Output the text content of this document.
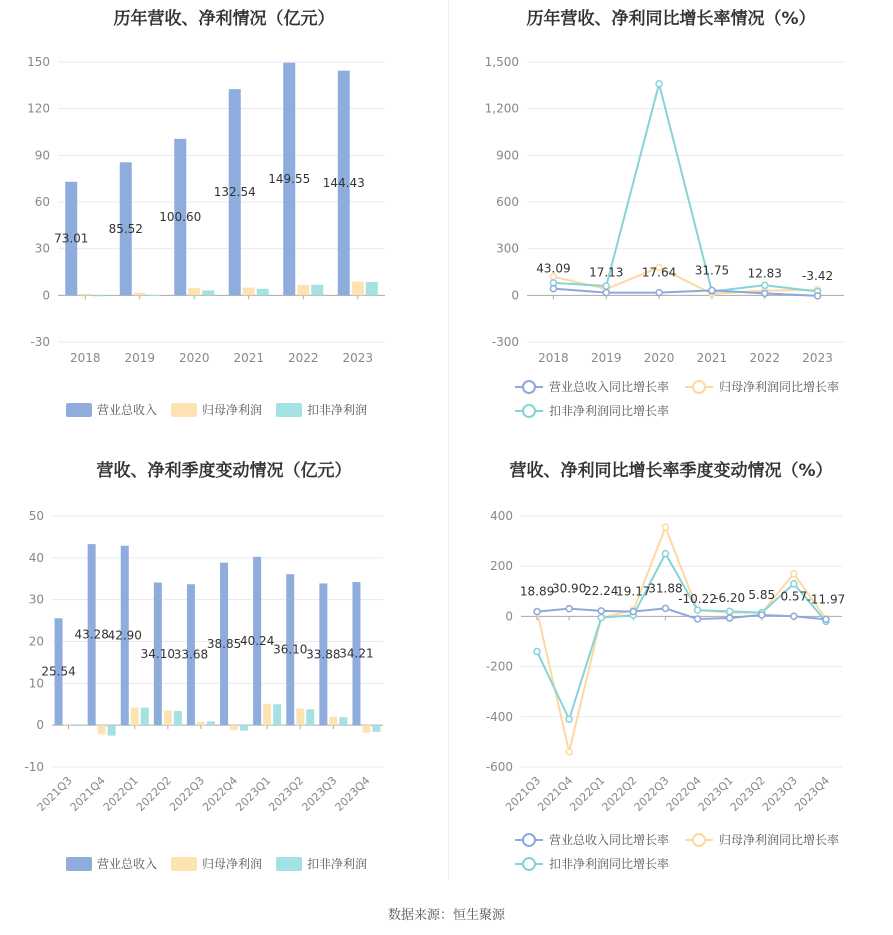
历年营收、净利情况（亿元）
150
120
90
60
30
0
-30
2018 2019 2020 2021 2022 2023
73.01
85.52
100.60
132.54
149.55 144.43
营业总收入	归母净利润	扣非净利润
历年营收、净利同比增长率情况（%）
1,500
1,200
900
600
300
0
-300
2018 2019 2020 2021 2022 2023
43.09 17.13 17.64 31.75 12.83 -3.42
营业总收入同比增长率	归母净利润同比增长率
扣非净利润同比增长率
营收、净利季度变动情况（亿元）
50
40
30
20
10
0
-10
2021Q3
2021Q4
2022Q1
2022Q2
2022Q3
2022Q4
2023Q1
2023Q2
2023Q3
2023Q4
25.54
43.28
42.90
34.10
33.68
38.85
40.24
36.10
33.88
34.21
营业总收入	归母净利润	扣非净利润
营收、净利同比增长率季度变动情况（%）
400
200
0
-200
-400
-600
2021Q3
2021Q4
2022Q1
2022Q2
2022Q3
2022Q4
2023Q1
2023Q2
2023Q3
2023Q4
18.89
30.90
22.24
19.17
31.88
-10.22
-6.20 5.85 0.57 -11.97
营业总收入同比增长率	归母净利润同比增长率
扣非净利润同比增长率
数据来源：恒生聚源
